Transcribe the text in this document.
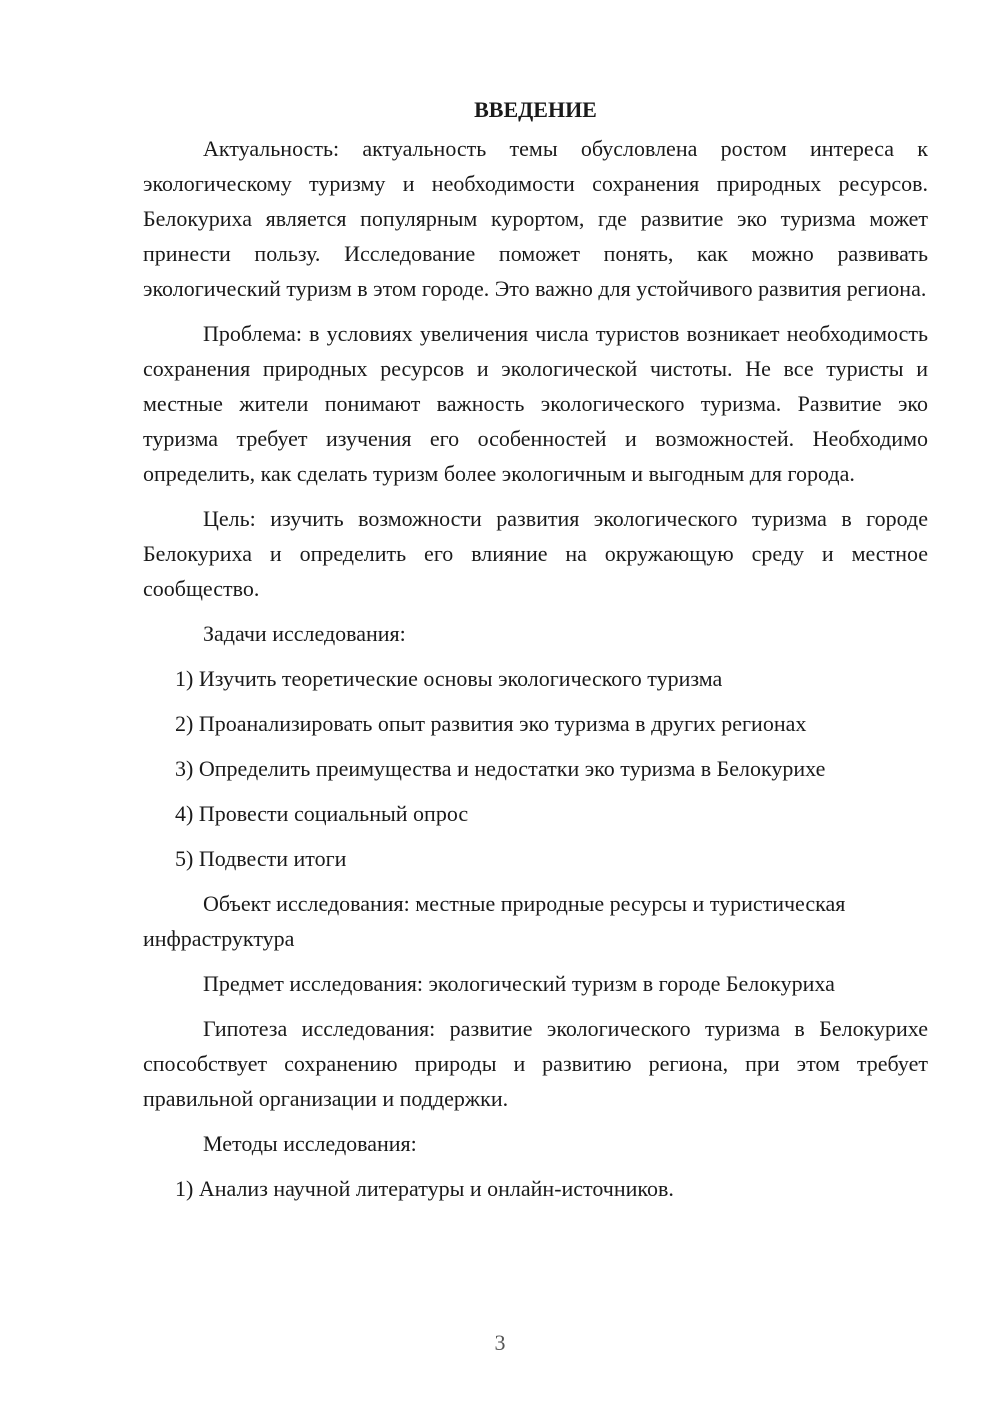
ВВЕДЕНИЕ

Актуальность: актуальность темы обусловлена ростом интереса к экологическому туризму и необходимости сохранения природных ресурсов. Белокуриха является популярным курортом, где развитие эко туризма может принести пользу. Исследование поможет понять, как можно развивать экологический туризм в этом городе. Это важно для устойчивого развития региона.

Проблема: в условиях увеличения числа туристов возникает необходимость сохранения природных ресурсов и экологической чистоты. Не все туристы и местные жители понимают важность экологического туризма. Развитие эко туризма требует изучения его особенностей и возможностей. Необходимо определить, как сделать туризм более экологичным и выгодным для города.

Цель: изучить возможности развития экологического туризма в городе Белокуриха и определить его влияние на окружающую среду и местное сообщество.

Задачи исследования:

1) Изучить теоретические основы экологического туризма

2) Проанализировать опыт развития эко туризма в других регионах

3) Определить преимущества и недостатки эко туризма в Белокурихе

4) Провести социальный опрос

5) Подвести итоги

Объект исследования: местные природные ресурсы и туристическая инфраструктура

Предмет исследования: экологический туризм в городе Белокуриха

Гипотеза исследования: развитие экологического туризма в Белокурихе способствует сохранению природы и развитию региона, при этом требует правильной организации и поддержки.

Методы исследования:

1) Анализ научной литературы и онлайн-источников.

3
